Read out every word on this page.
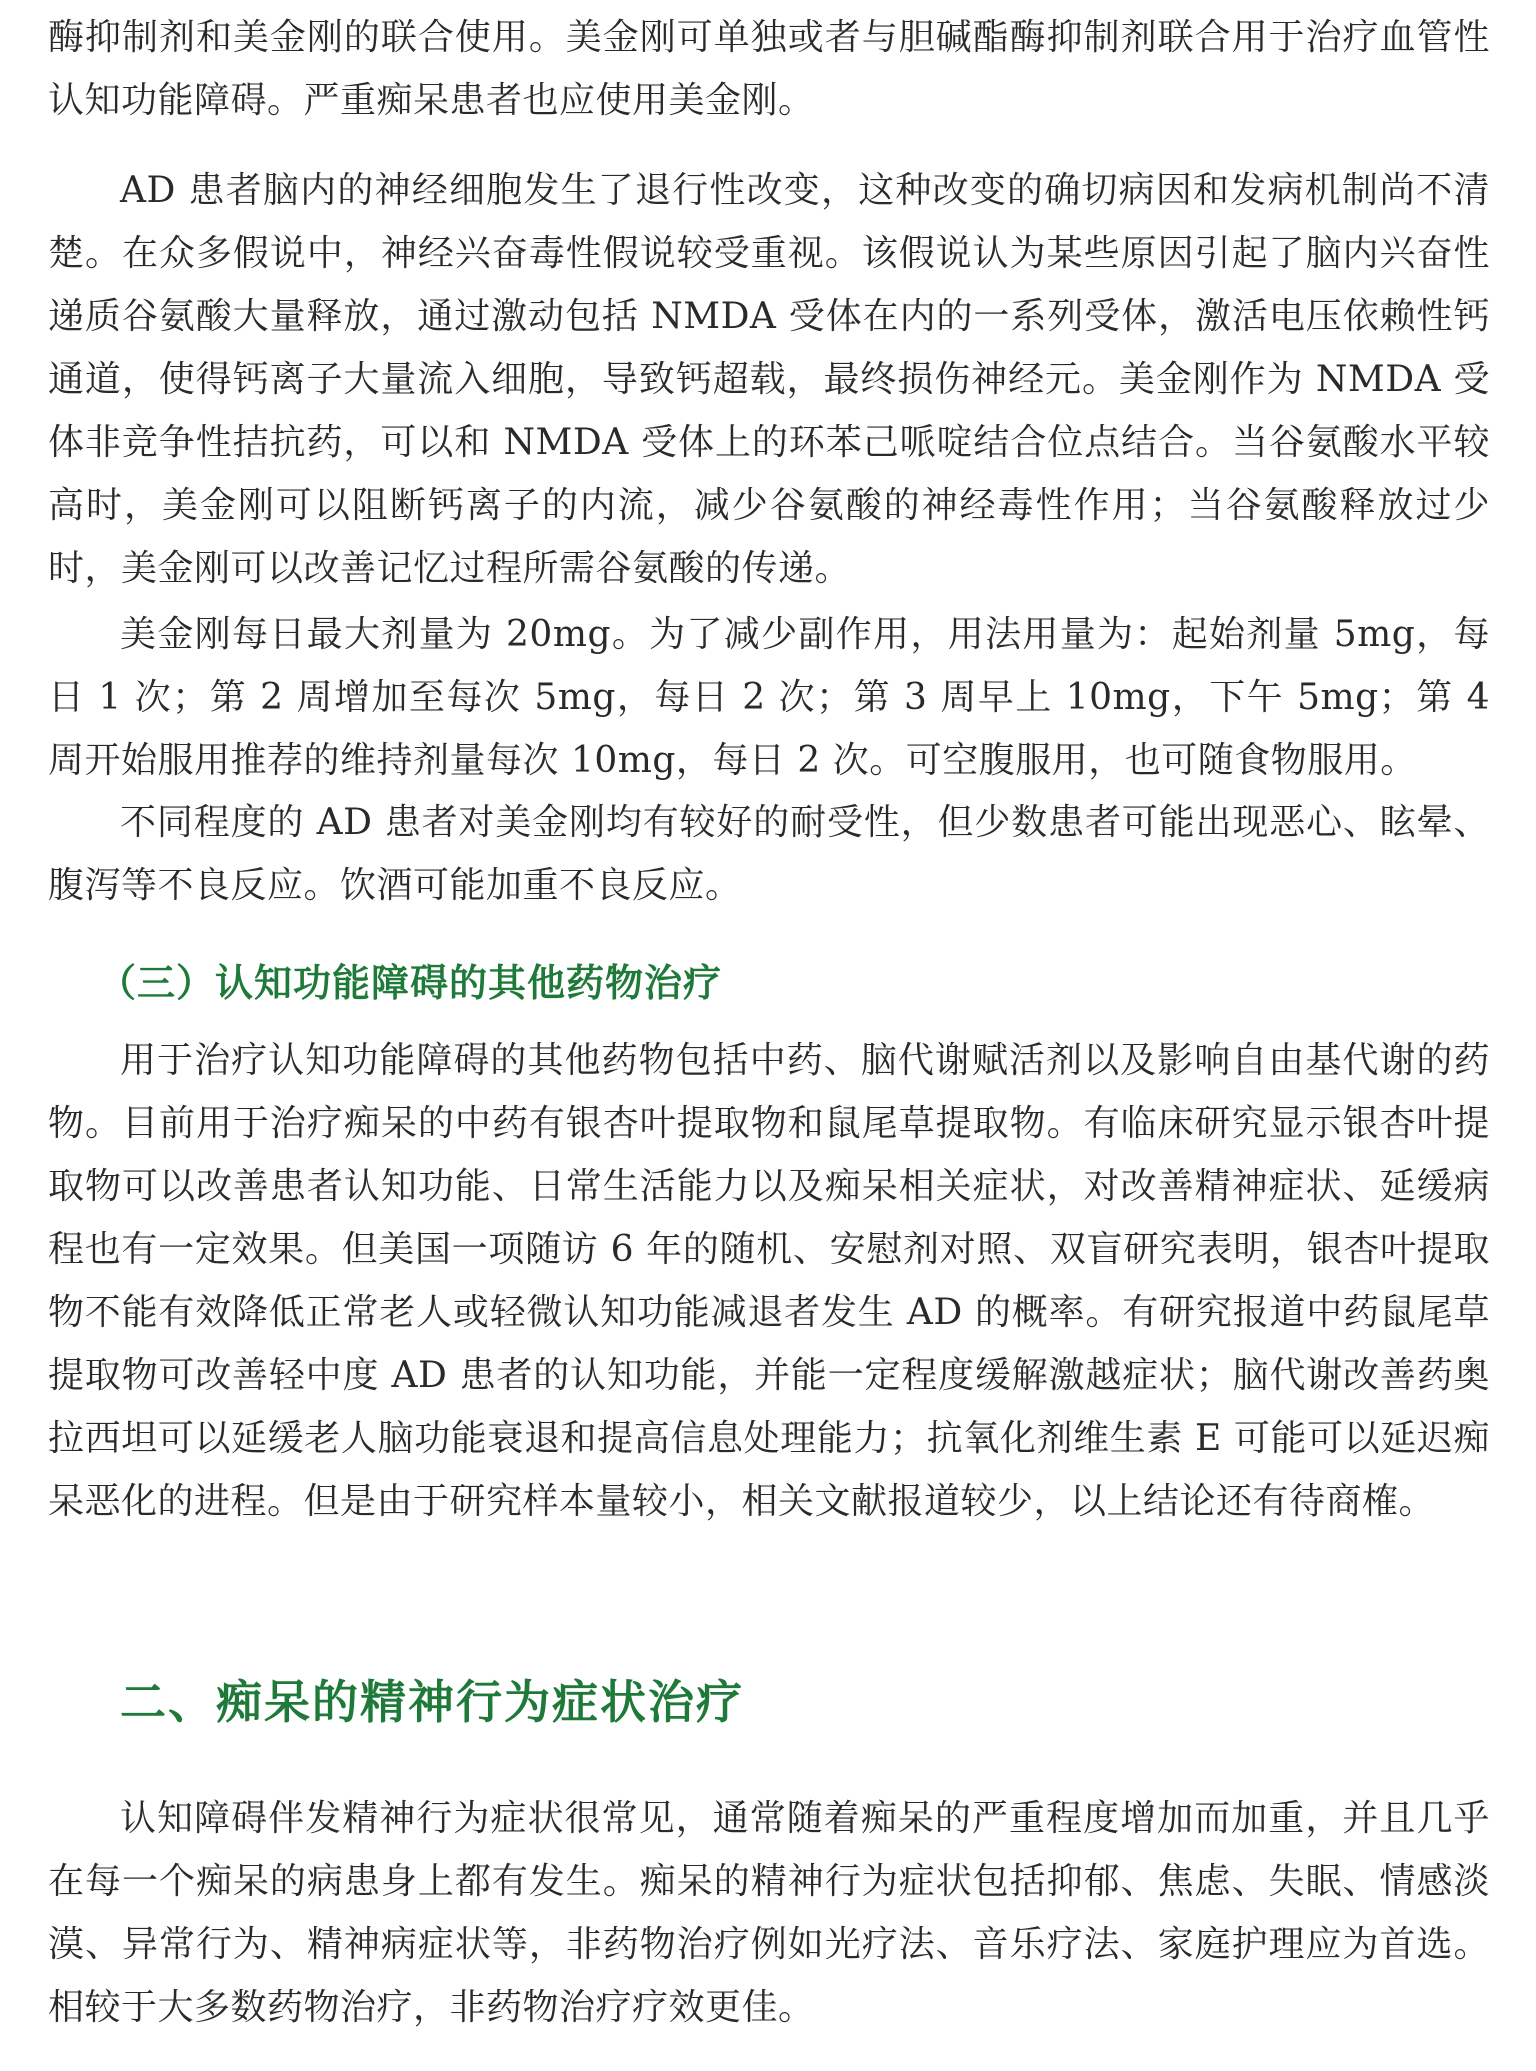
酶抑制剂和美金刚的联合使用。美金刚可单独或者与胆碱酯酶抑制剂联合用于治疗血管性认知功能障碍。严重痴呆患者也应使用美金刚。

AD 患者脑内的神经细胞发生了退行性改变，这种改变的确切病因和发病机制尚不清楚。在众多假说中，神经兴奋毒性假说较受重视。该假说认为某些原因引起了脑内兴奋性递质谷氨酸大量释放，通过激动包括 NMDA 受体在内的一系列受体，激活电压依赖性钙通道，使得钙离子大量流入细胞，导致钙超载，最终损伤神经元。美金刚作为 NMDA 受体非竞争性拮抗药，可以和 NMDA 受体上的环苯己哌啶结合位点结合。当谷氨酸水平较高时，美金刚可以阻断钙离子的内流，减少谷氨酸的神经毒性作用；当谷氨酸释放过少时，美金刚可以改善记忆过程所需谷氨酸的传递。

美金刚每日最大剂量为 20mg。为了减少副作用，用法用量为：起始剂量 5mg，每日 1 次；第 2 周增加至每次 5mg，每日 2 次；第 3 周早上 10mg，下午 5mg；第 4 周开始服用推荐的维持剂量每次 10mg，每日 2 次。可空腹服用，也可随食物服用。

不同程度的 AD 患者对美金刚均有较好的耐受性，但少数患者可能出现恶心、眩晕、腹泻等不良反应。饮酒可能加重不良反应。

（三）认知功能障碍的其他药物治疗

用于治疗认知功能障碍的其他药物包括中药、脑代谢赋活剂以及影响自由基代谢的药物。目前用于治疗痴呆的中药有银杏叶提取物和鼠尾草提取物。有临床研究显示银杏叶提取物可以改善患者认知功能、日常生活能力以及痴呆相关症状，对改善精神症状、延缓病程也有一定效果。但美国一项随访 6 年的随机、安慰剂对照、双盲研究表明，银杏叶提取物不能有效降低正常老人或轻微认知功能减退者发生 AD 的概率。有研究报道中药鼠尾草提取物可改善轻中度 AD 患者的认知功能，并能一定程度缓解激越症状；脑代谢改善药奥拉西坦可以延缓老人脑功能衰退和提高信息处理能力；抗氧化剂维生素 E 可能可以延迟痴呆恶化的进程。但是由于研究样本量较小，相关文献报道较少，以上结论还有待商榷。

二、痴呆的精神行为症状治疗

认知障碍伴发精神行为症状很常见，通常随着痴呆的严重程度增加而加重，并且几乎在每一个痴呆的病患身上都有发生。痴呆的精神行为症状包括抑郁、焦虑、失眠、情感淡漠、异常行为、精神病症状等，非药物治疗例如光疗法、音乐疗法、家庭护理应为首选。相较于大多数药物治疗，非药物治疗疗效更佳。
